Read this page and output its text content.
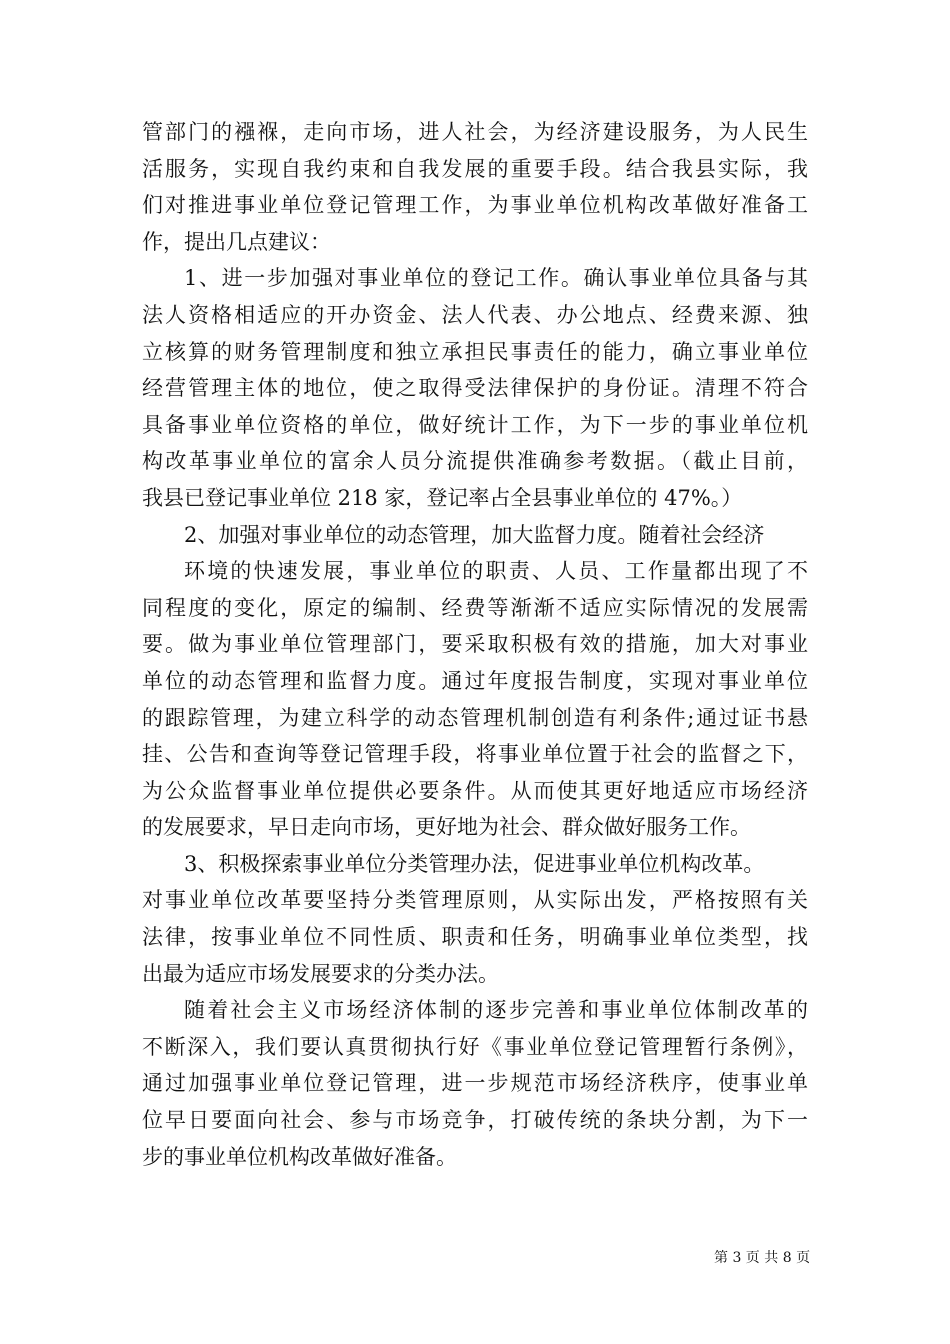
管部门的襁褓，走向市场，进人社会，为经济建设服务，为人民生
活服务，实现自我约束和自我发展的重要手段。结合我县实际，我
们对推进事业单位登记管理工作，为事业单位机构改革做好准备工
作，提出几点建议：
1、进一步加强对事业单位的登记工作。确认事业单位具备与其
法人资格相适应的开办资金、法人代表、办公地点、经费来源、独
立核算的财务管理制度和独立承担民事责任的能力，确立事业单位
经营管理主体的地位，使之取得受法律保护的身份证。清理不符合
具备事业单位资格的单位，做好统计工作，为下一步的事业单位机
构改革事业单位的富余人员分流提供准确参考数据。（截止目前，
我县已登记事业单位 218 家，登记率占全县事业单位的 47%。）
2、加强对事业单位的动态管理，加大监督力度。随着社会经济
环境的快速发展，事业单位的职责、人员、工作量都出现了不
同程度的变化，原定的编制、经费等渐渐不适应实际情况的发展需
要。做为事业单位管理部门，要采取积极有效的措施，加大对事业
单位的动态管理和监督力度。通过年度报告制度，实现对事业单位
的跟踪管理，为建立科学的动态管理机制创造有利条件;通过证书悬
挂、公告和查询等登记管理手段，将事业单位置于社会的监督之下，
为公众监督事业单位提供必要条件。从而使其更好地适应市场经济
的发展要求，早日走向市场，更好地为社会、群众做好服务工作。
3、积极探索事业单位分类管理办法，促进事业单位机构改革。
对事业单位改革要坚持分类管理原则，从实际出发，严格按照有关
法律，按事业单位不同性质、职责和任务，明确事业单位类型，找
出最为适应市场发展要求的分类办法。
随着社会主义市场经济体制的逐步完善和事业单位体制改革的
不断深入，我们要认真贯彻执行好《事业单位登记管理暂行条例》，
通过加强事业单位登记管理，进一步规范市场经济秩序，使事业单
位早日要面向社会、参与市场竞争，打破传统的条块分割，为下一
步的事业单位机构改革做好准备。
第 3 页 共 8 页
